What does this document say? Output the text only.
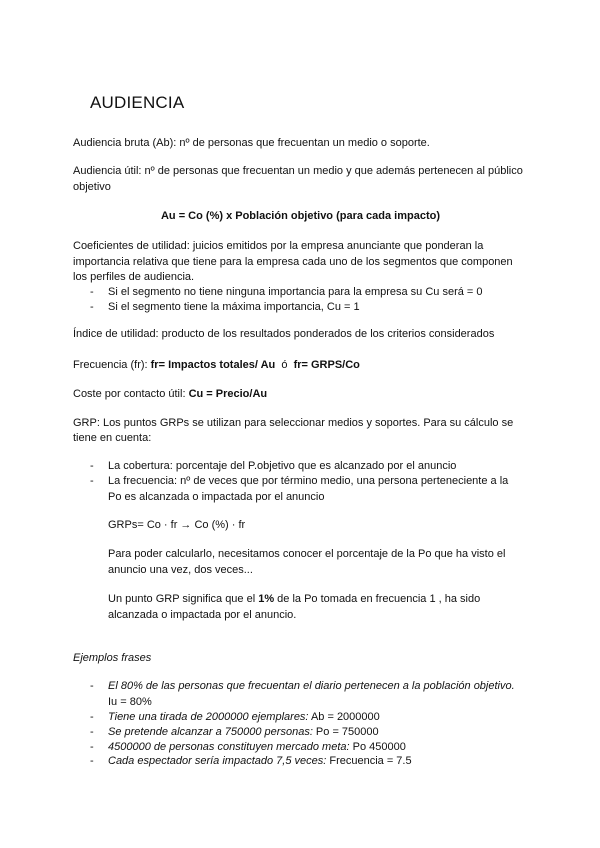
AUDIENCIA
Audiencia bruta (Ab): nº de personas que frecuentan un medio o soporte.
Audiencia útil: nº de personas que frecuentan un medio y que además pertenecen al público
objetivo
Au = Co (%) x Población objetivo (para cada impacto)
Coeficientes de utilidad: juicios emitidos por la empresa anunciante que ponderan la
importancia relativa que tiene para la empresa cada uno de los segmentos que componen
los perfiles de audiencia.
-	Si el segmento no tiene ninguna importancia para la empresa su Cu será = 0
-	Si el segmento tiene la máxima importancia, Cu = 1
Índice de utilidad: producto de los resultados ponderados de los criterios considerados
Frecuencia (fr): fr= Impactos totales/ Au  ó  fr= GRPS/Co
Coste por contacto útil: Cu = Precio/Au
GRP: Los puntos GRPs se utilizan para seleccionar medios y soportes. Para su cálculo se
tiene en cuenta:
-	La cobertura: porcentaje del P.objetivo que es alcanzado por el anuncio
-	La frecuencia: nº de veces que por término medio, una persona perteneciente a la
Po es alcanzada o impactada por el anuncio
GRPs= Co · fr → Co (%) · fr
Para poder calcularlo, necesitamos conocer el porcentaje de la Po que ha visto el
anuncio una vez, dos veces...
Un punto GRP significa que el 1% de la Po tomada en frecuencia 1 , ha sido
alcanzada o impactada por el anuncio.
Ejemplos frases
-	El 80% de las personas que frecuentan el diario pertenecen a la población objetivo.
Iu = 80%
-	Tiene una tirada de 2000000 ejemplares: Ab = 2000000
-	Se pretende alcanzar a 750000 personas: Po = 750000
-	4500000 de personas constituyen mercado meta: Po 450000
-	Cada espectador sería impactado 7,5 veces: Frecuencia = 7.5
